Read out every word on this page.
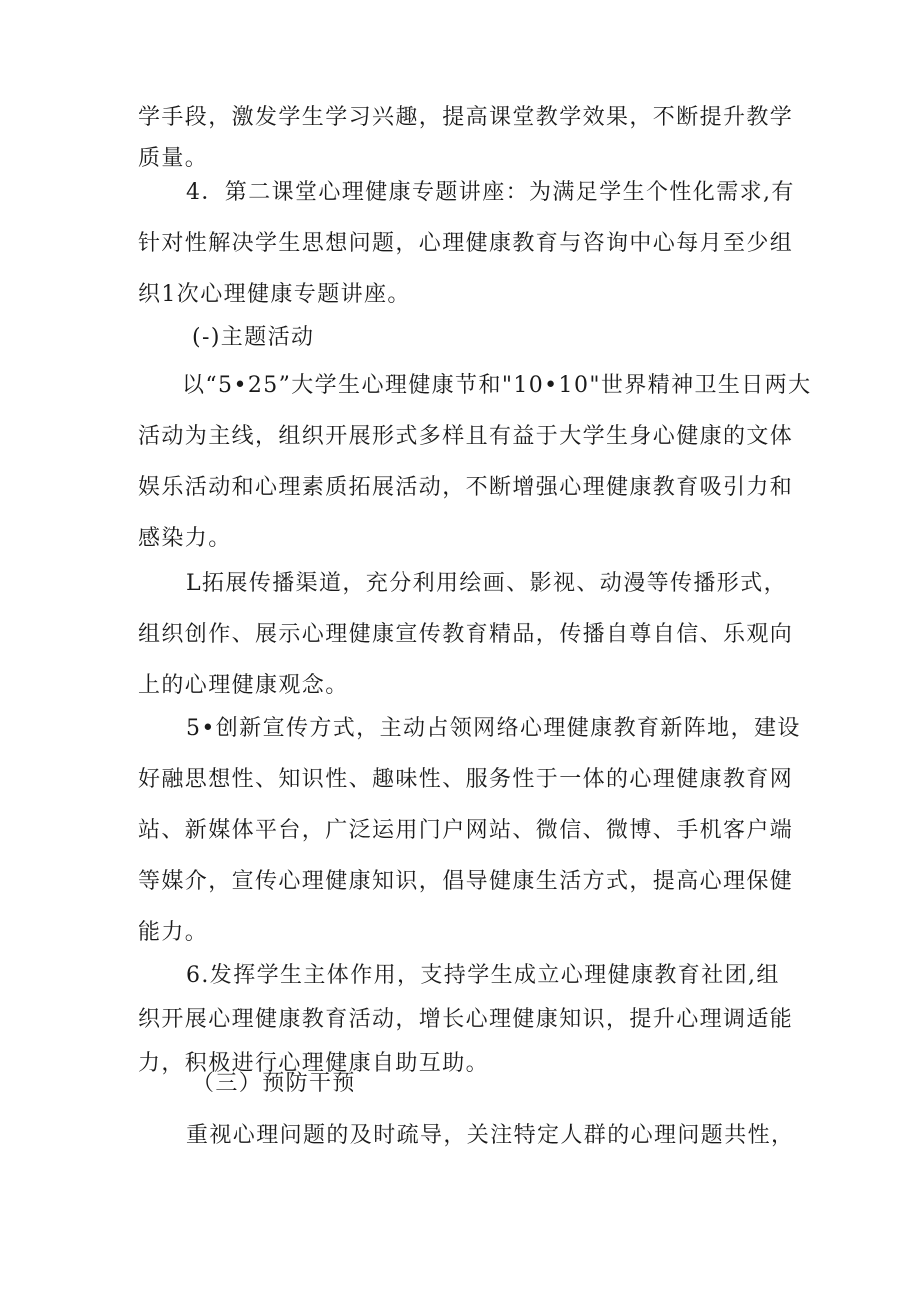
学手段，激发学生学习兴趣，提高课堂教学效果，不断提升教学
质量。
4．第二课堂心理健康专题讲座：为满足学生个性化需求,有
针对性解决学生思想问题，心理健康教育与咨询中心每月至少组
织1次心理健康专题讲座。
(-)主题活动
以“5•25”大学生心理健康节和"10•10"世界精神卫生日两大
活动为主线，组织开展形式多样且有益于大学生身心健康的文体
娱乐活动和心理素质拓展活动，不断增强心理健康教育吸引力和
感染力。
L拓展传播渠道，充分利用绘画、影视、动漫等传播形式，
组织创作、展示心理健康宣传教育精品，传播自尊自信、乐观向
上的心理健康观念。
5•创新宣传方式，主动占领网络心理健康教育新阵地，建设
好融思想性、知识性、趣味性、服务性于一体的心理健康教育网
站、新媒体平台，广泛运用门户网站、微信、微博、手机客户端
等媒介，宣传心理健康知识，倡导健康生活方式，提高心理保健
能力。
6.发挥学生主体作用，支持学生成立心理健康教育社团,组
织开展心理健康教育活动，增长心理健康知识，提升心理调适能
力，积极进行心理健康自助互助。
（三）预防干预
重视心理问题的及时疏导，关注特定人群的心理问题共性，
